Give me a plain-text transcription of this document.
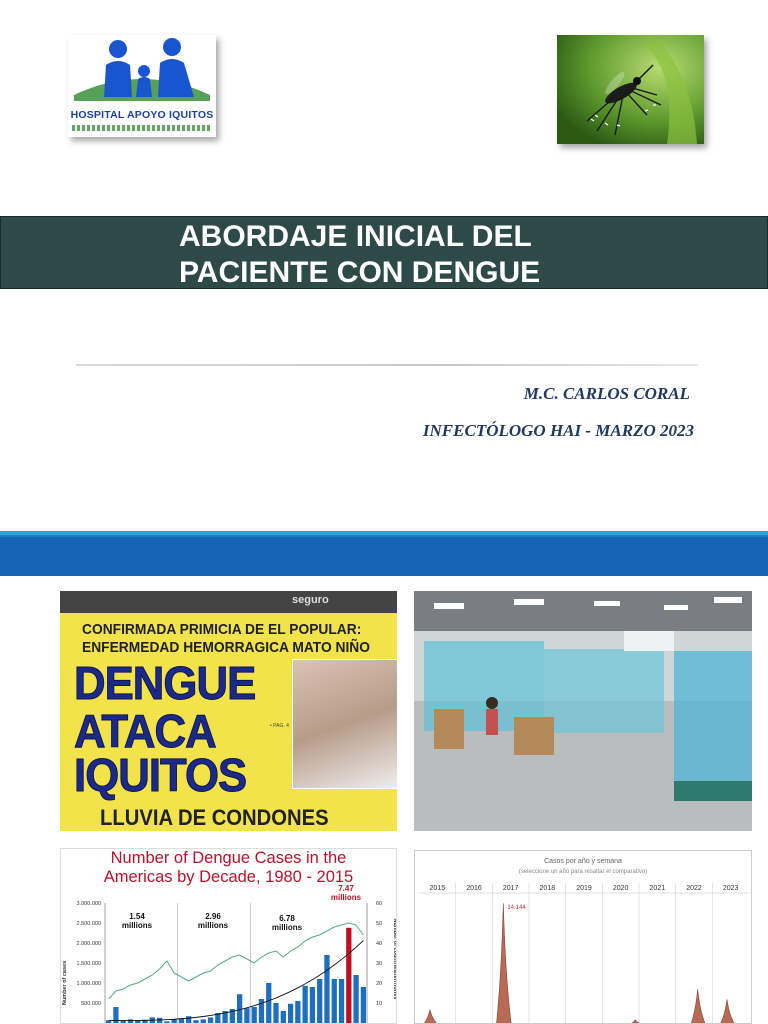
HOSPITAL APOYO IQUITOS
ABORDAJE INICIAL DEL
PACIENTE CON DENGUE
M.C. CARLOS CORAL
INFECTÓLOGO HAI - MARZO 2023
seguro
CONFIRMADA PRIMICIA DE EL POPULAR:
ENFERMEDAD HEMORRAGICA MATO NIÑO
DENGUE
ATACA
IQUITOS
• PAG. 4
LLUVIA DE CONDONES
3.000.000
2.500.000
2.000.000
1.500.000
1.000.000
500.000
60
50
40
30
20
10
Number of cases	Number of countries/territories
1.54
millions
2.96
millions
6.78
millions
7.47
millions
Number of Dengue Cases in the
Americas by Decade, 1980 - 2015
2015	2016	2017	2018	2019	2020	2021	2022	2023
14.144
Casos por año y semana
(seleccione un año para resaltar el comparativo)
